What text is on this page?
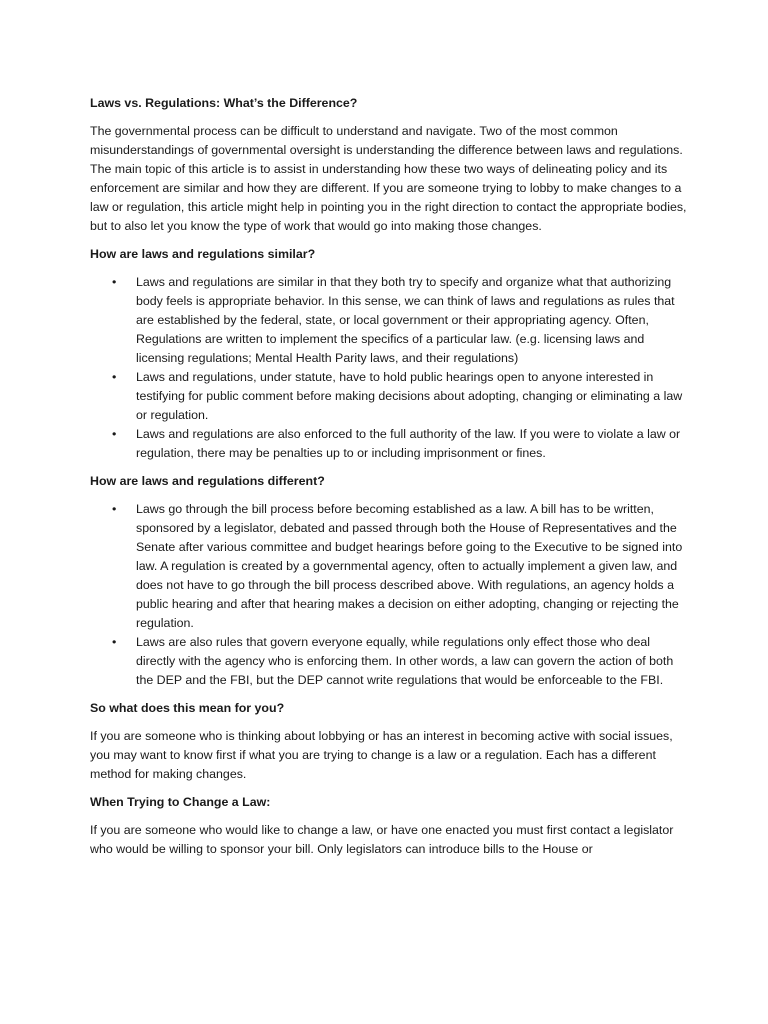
Laws vs. Regulations: What’s the Difference?
The governmental process can be difficult to understand and navigate. Two of the most common misunderstandings of governmental oversight is understanding the difference between laws and regulations. The main topic of this article is to assist in understanding how these two ways of delineating policy and its enforcement are similar and how they are different. If you are someone trying to lobby to make changes to a law or regulation, this article might help in pointing you in the right direction to contact the appropriate bodies, but to also let you know the type of work that would go into making those changes.
How are laws and regulations similar?
• Laws and regulations are similar in that they both try to specify and organize what that authorizing body feels is appropriate behavior. In this sense, we can think of laws and regulations as rules that are established by the federal, state, or local government or their appropriating agency. Often, Regulations are written to implement the specifics of a particular law. (e.g. licensing laws and licensing regulations; Mental Health Parity laws, and their regulations)
• Laws and regulations, under statute, have to hold public hearings open to anyone interested in testifying for public comment before making decisions about adopting, changing or eliminating a law or regulation.
• Laws and regulations are also enforced to the full authority of the law. If you were to violate a law or regulation, there may be penalties up to or including imprisonment or fines.
How are laws and regulations different?
• Laws go through the bill process before becoming established as a law. A bill has to be written, sponsored by a legislator, debated and passed through both the House of Representatives and the Senate after various committee and budget hearings before going to the Executive to be signed into law. A regulation is created by a governmental agency, often to actually implement a given law, and does not have to go through the bill process described above. With regulations, an agency holds a public hearing and after that hearing makes a decision on either adopting, changing or rejecting the regulation.
• Laws are also rules that govern everyone equally, while regulations only effect those who deal directly with the agency who is enforcing them. In other words, a law can govern the action of both the DEP and the FBI, but the DEP cannot write regulations that would be enforceable to the FBI.
So what does this mean for you?
If you are someone who is thinking about lobbying or has an interest in becoming active with social issues, you may want to know first if what you are trying to change is a law or a regulation. Each has a different method for making changes.
When Trying to Change a Law:
If you are someone who would like to change a law, or have one enacted you must first contact a legislator who would be willing to sponsor your bill. Only legislators can introduce bills to the House or
